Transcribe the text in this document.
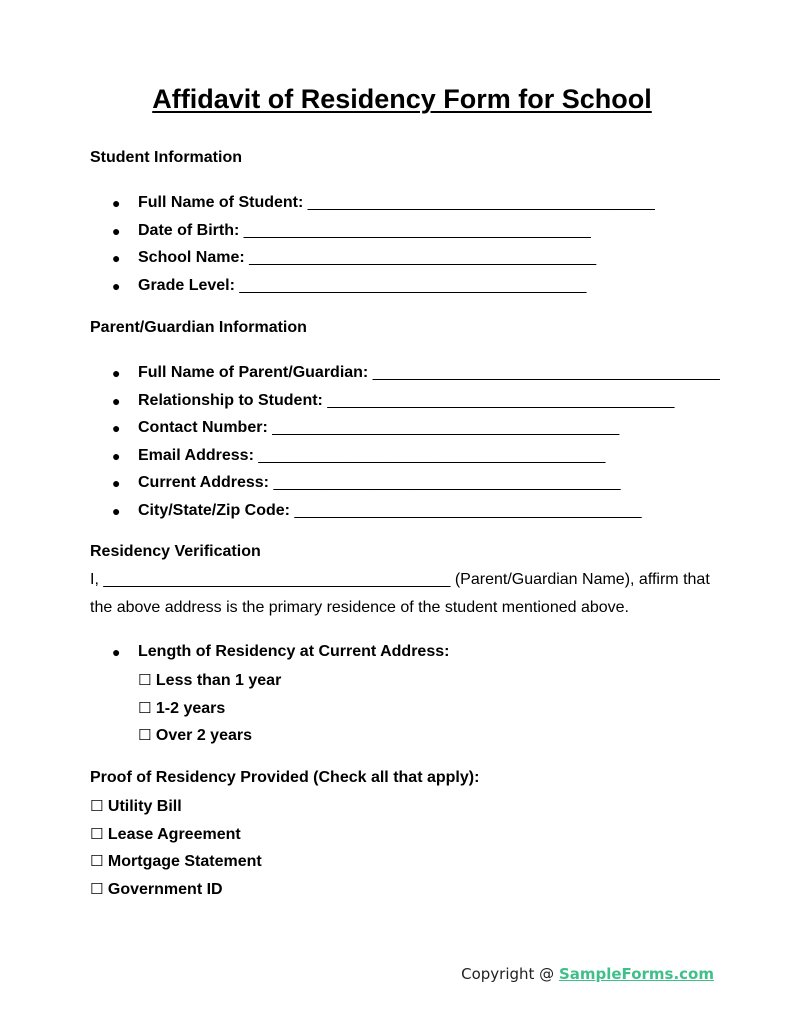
Affidavit of Residency Form for School
Student Information
● Full Name of Student: _______________________________________
● Date of Birth: _______________________________________
● School Name: _______________________________________
● Grade Level: _______________________________________
Parent/Guardian Information
● Full Name of Parent/Guardian: _______________________________________
● Relationship to Student: _______________________________________
● Contact Number: _______________________________________
● Email Address: _______________________________________
● Current Address: _______________________________________
● City/State/Zip Code: _______________________________________
Residency Verification
I, _______________________________________ (Parent/Guardian Name), affirm that the above address is the primary residence of the student mentioned above.
● Length of Residency at Current Address:
☐ Less than 1 year
☐ 1-2 years
☐ Over 2 years
Proof of Residency Provided (Check all that apply):
☐ Utility Bill
☐ Lease Agreement
☐ Mortgage Statement
☐ Government ID
Copyright @ SampleForms.com
